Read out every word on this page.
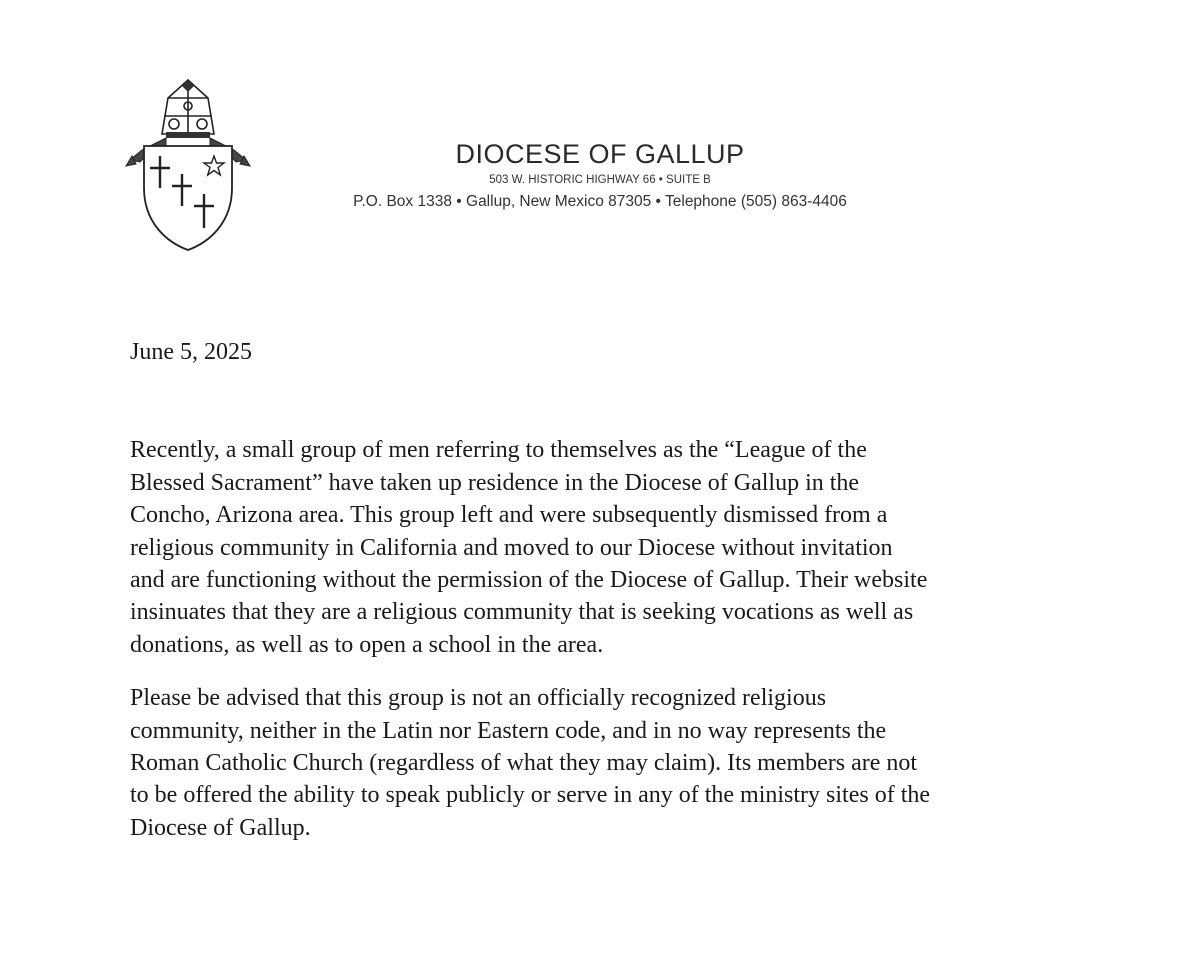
DIOCESE OF GALLUP
503 W. HISTORIC HIGHWAY 66 • SUITE B
P.O. Box 1338 • Gallup, New Mexico 87305 • Telephone (505) 863-4406

June 5, 2025

Recently, a small group of men referring to themselves as the “League of the
Blessed Sacrament” have taken up residence in the Diocese of Gallup in the
Concho, Arizona area. This group left and were subsequently dismissed from a
religious community in California and moved to our Diocese without invitation
and are functioning without the permission of the Diocese of Gallup. Their website
insinuates that they are a religious community that is seeking vocations as well as
donations, as well as to open a school in the area.

Please be advised that this group is not an officially recognized religious
community, neither in the Latin nor Eastern code, and in no way represents the
Roman Catholic Church (regardless of what they may claim). Its members are not
to be offered the ability to speak publicly or serve in any of the ministry sites of the
Diocese of Gallup.
